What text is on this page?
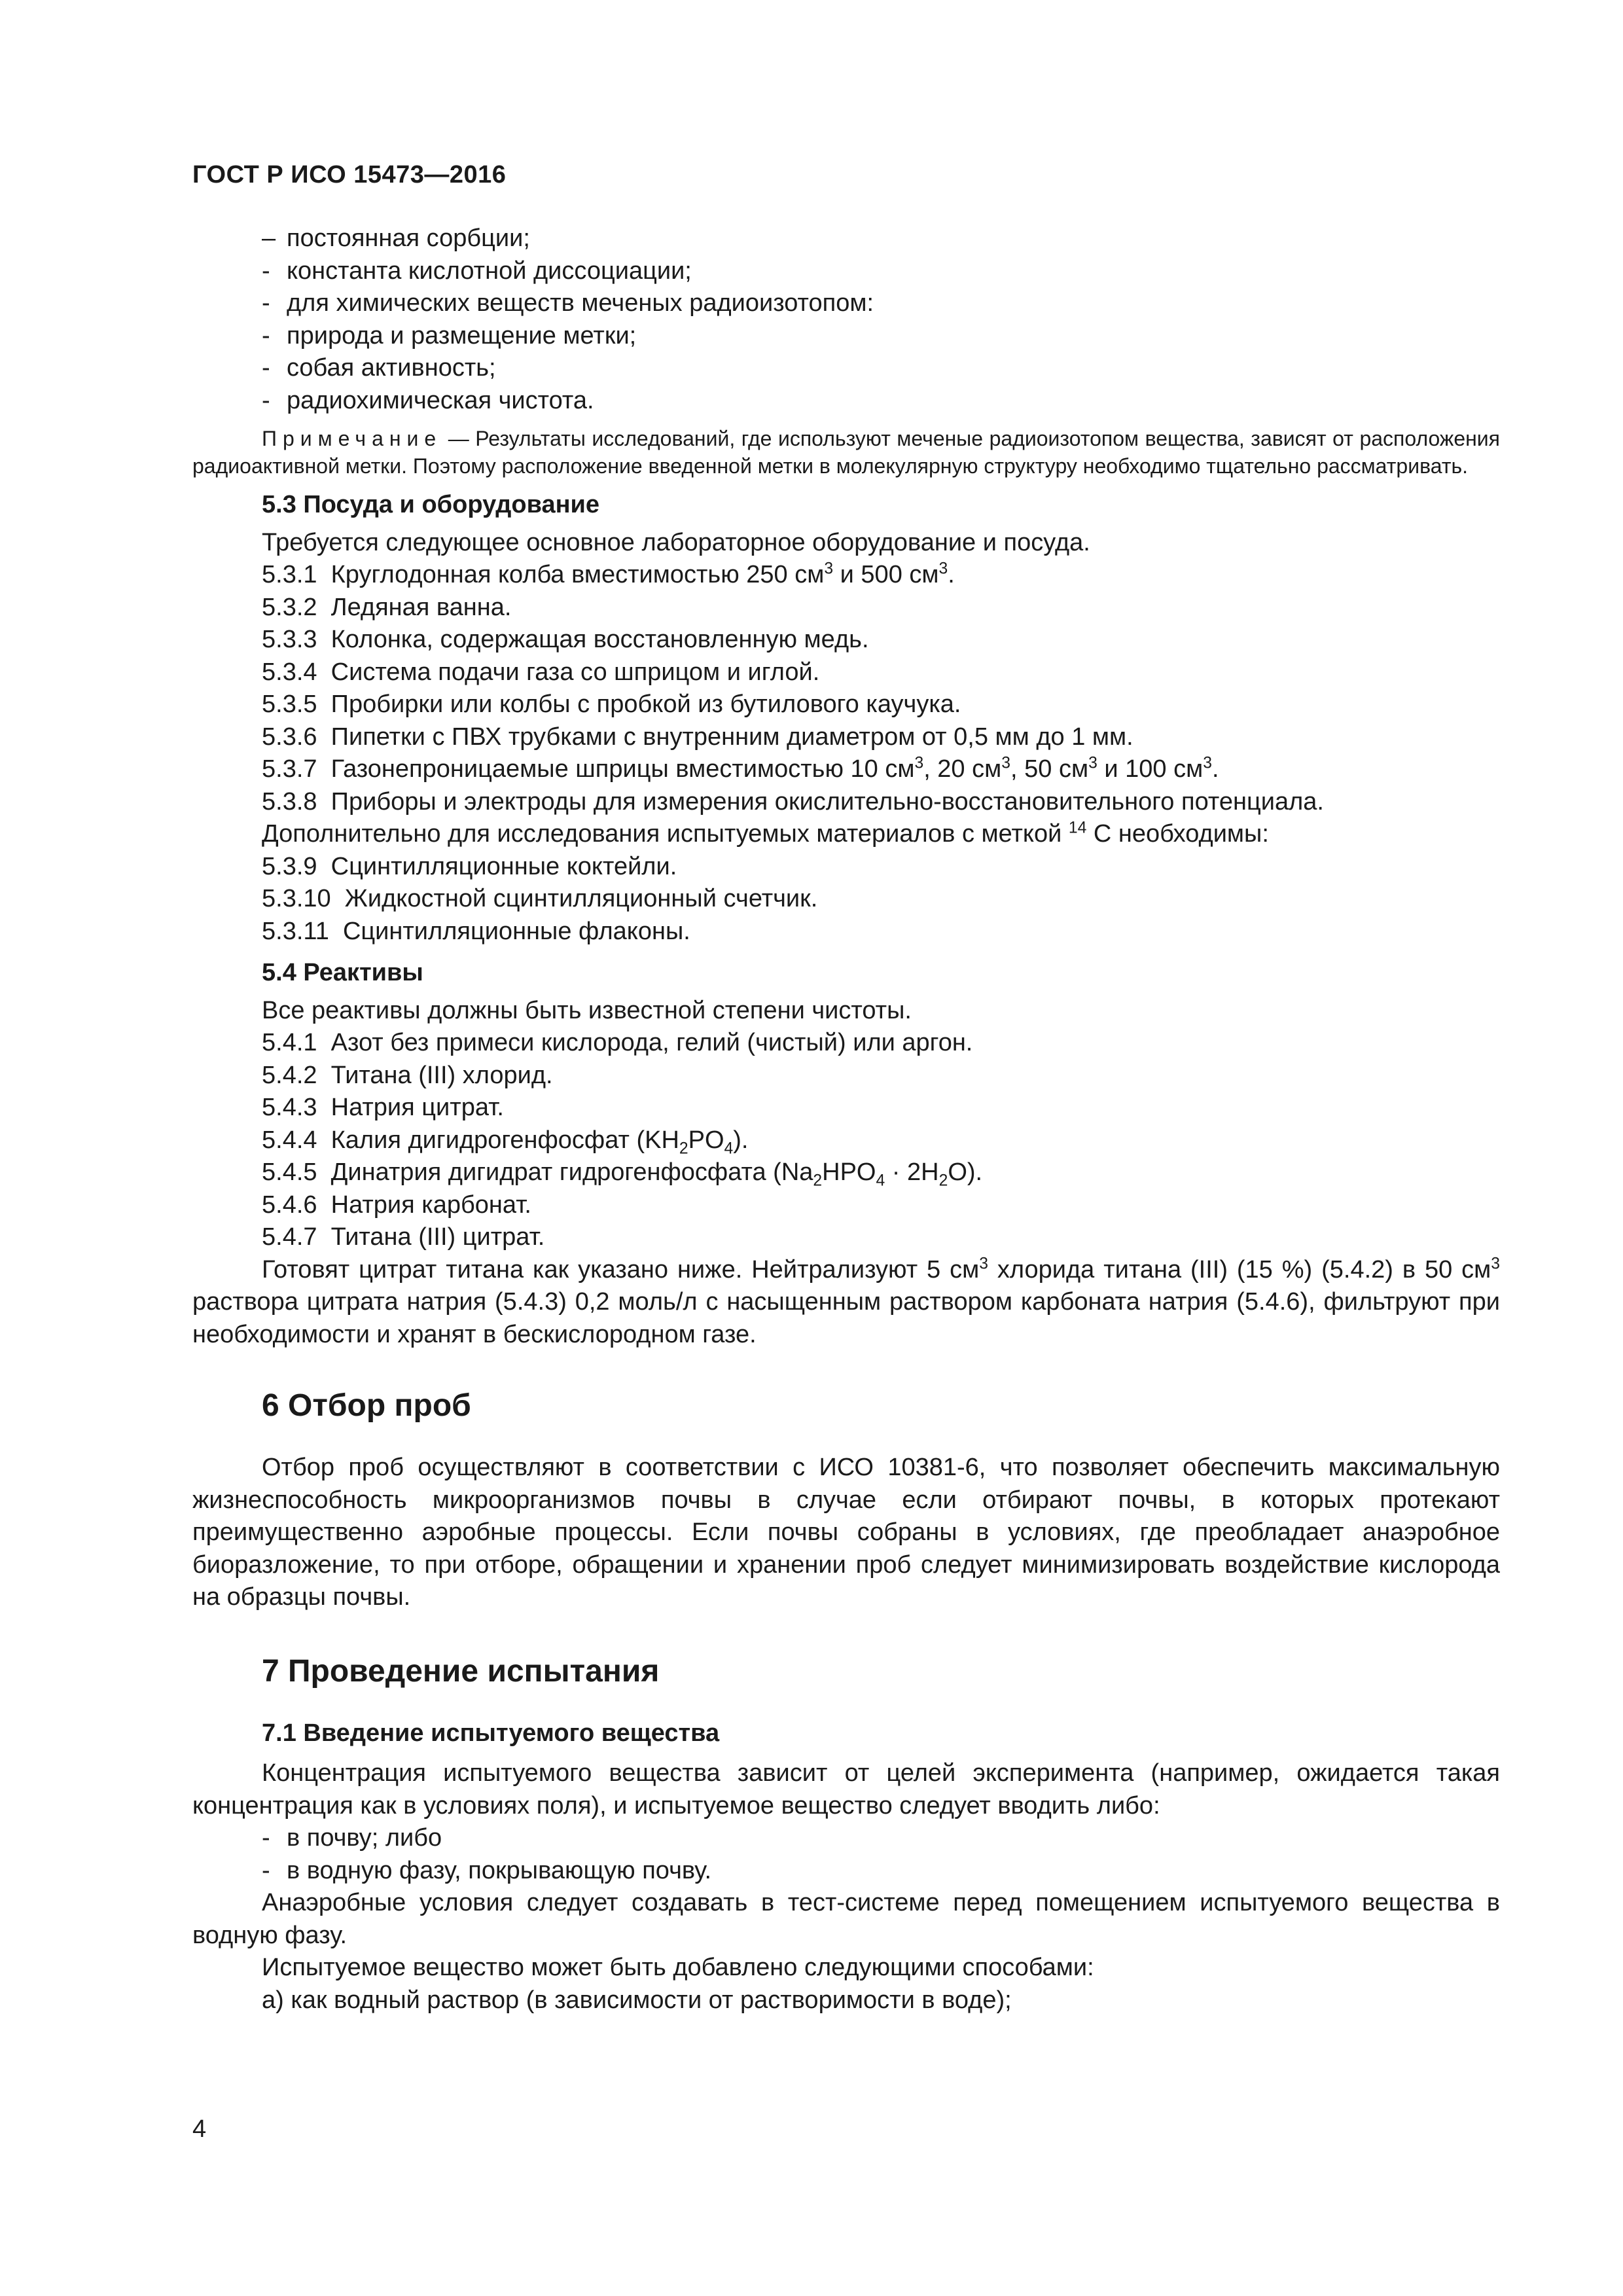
ГОСТ Р ИСО 15473—2016

– постоянная сорбции;

- константа кислотной диссоциации;

- для химических веществ меченых радиоизотопом:

- природа и размещение метки;

- собая активность;

- радиохимическая чистота.

Примечание — Результаты исследований, где используют меченые радиоизотопом вещества, зависят от расположения радиоактивной метки. Поэтому расположение введенной метки в молекулярную структуру необходимо тщательно рассматривать.

5.3 Посуда и оборудование

Требуется следующее основное лабораторное оборудование и посуда.

5.3.1 Круглодонная колба вместимостью 250 $см^3$ и 500 $см^3$.

5.3.2 Ледяная ванна.

5.3.3 Колонка, содержащая восстановленную медь.

5.3.4 Система подачи газа со шприцом и иглой.

5.3.5 Пробирки или колбы с пробкой из бутилового каучука.

5.3.6 Пипетки с ПВХ трубками с внутренним диаметром от 0,5 мм до 1 мм.

5.3.7 Газонепроницаемые шприцы вместимостью 10 $см^3$, 20 $см^3$, 50 $см^3$ и 100 $см^3$.

5.3.8 Приборы и электроды для измерения окислительно-восстановительного потенциала.

Дополнительно для исследования испытуемых материалов с меткой $^{14}$ С необходимы:

5.3.9 Сцинтилляционные коктейли.

5.3.10 Жидкостной сцинтилляционный счетчик.

5.3.11 Сцинтилляционные флаконы.

5.4 Реактивы

Все реактивы должны быть известной степени чистоты.

5.4.1 Азот без примеси кислорода, гелий (чистый) или аргон.

5.4.2 Титана (III) хлорид.

5.4.3 Натрия цитрат.

5.4.4 Калия дигидрогенфосфат $(KH_2PO_4)$.

5.4.5 Динатрия дигидрат гидрогенфосфата $(Na_2HPO_4 \cdot 2H_2O)$.

5.4.6 Натрия карбонат.

5.4.7 Титана (III) цитрат.

Готовят цитрат титана как указано ниже. Нейтрализуют 5 $см^3$ хлорида титана (III) (15 %) (5.4.2) в 50 $см^3$ раствора цитрата натрия (5.4.3) 0,2 моль/л с насыщенным раствором карбоната натрия (5.4.6), фильтруют при необходимости и хранят в бескислородном газе.

6 Отбор проб

Отбор проб осуществляют в соответствии с ИСО 10381-6, что позволяет обеспечить максимальную жизнеспособность микроорганизмов почвы в случае если отбирают почвы, в которых протекают преимущественно аэробные процессы. Если почвы собраны в условиях, где преобладает анаэробное биоразложение, то при отборе, обращении и хранении проб следует минимизировать воздействие кислорода на образцы почвы.

7 Проведение испытания

7.1 Введение испытуемого вещества

Концентрация испытуемого вещества зависит от целей эксперимента (например, ожидается такая концентрация как в условиях поля), и испытуемое вещество следует вводить либо:

- в почву; либо

- в водную фазу, покрывающую почву.

Анаэробные условия следует создавать в тест-системе перед помещением испытуемого вещества в водную фазу.

Испытуемое вещество может быть добавлено следующими способами:

а) как водный раствор (в зависимости от растворимости в воде);

4
